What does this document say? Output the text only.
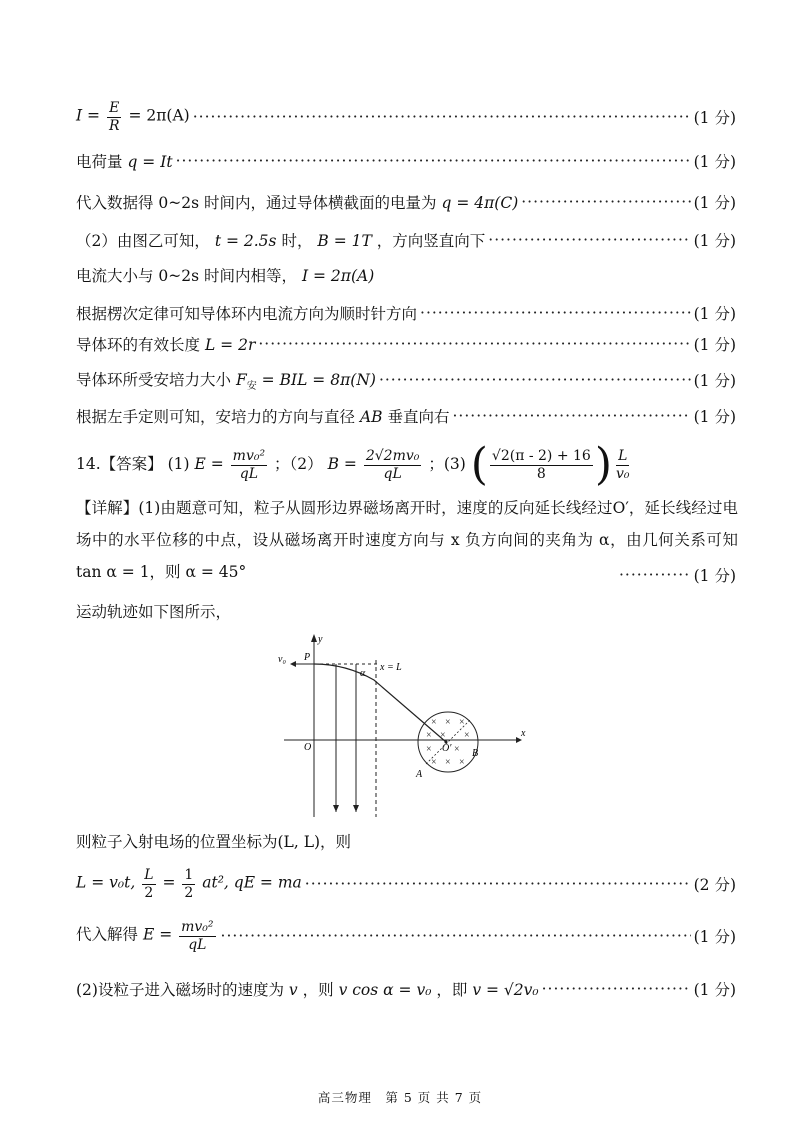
$I = \frac{E}{R} = 2\pi(A)$ ·····	(1 分)
电荷量 q = It ·····	(1 分)
代入数据得 0~2s 时间内，通过导体横截面的电量为 q = 4π(C) ·····	(1 分)
（2）由图乙可知， t = 2.5s 时， B = 1T ，方向竖直向下 ·····	(1 分)
电流大小与 0~2s 时间内相等， I = 2π(A)
根据楞次定律可知导体环内电流方向为顺时针方向 ·····	(1 分)
导体环的有效长度 L = 2r ·····	(1 分)
导体环所受安培力大小 $F_安$ = BIL = 8π(N) ·····	(1 分)
根据左手定则可知，安培力的方向与直径 AB 垂直向右 ·····	(1 分)
14.【答案】 (1) $E = \frac{\text{mv₀²}}{qL}$ ；（2） $B = \frac{\text{2√2mv₀}}{qL}$ ；(3) ( $\frac{√2(\pi - 2) + 16}{8}$ ) $\frac{L}{\text{v₀}}$
【详解】(1)由题意可知，粒子从圆形边界磁场离开时，速度的反向延长线经过O′，延长线经过电场中的水平位移的中点，设从磁场离开时速度方向与 x 负方向间的夹角为 α，由几何关系可知 tan α = 1，则 α = 45° ·····	(1 分)
运动轨迹如下图所示，
x
y
O
x = L
v₀ P
α
× × ×
× × ×
× ×
× × ×
O′
A
B
则粒子入射电场的位置坐标为(L, L)，则
L = v₀t, $\frac{L}{2} = \frac{1}{2} at^2$, qE = ma ·····	(2 分)
代入解得 $E = \frac{\text{mv₀²}}{qL}$ ·····	(1 分)
(2)设粒子进入磁场时的速度为 v ，则 v cos α = v₀ ，即 v = √2v₀ ·····	(1 分)
高三物理　第 5 页 共 7 页
